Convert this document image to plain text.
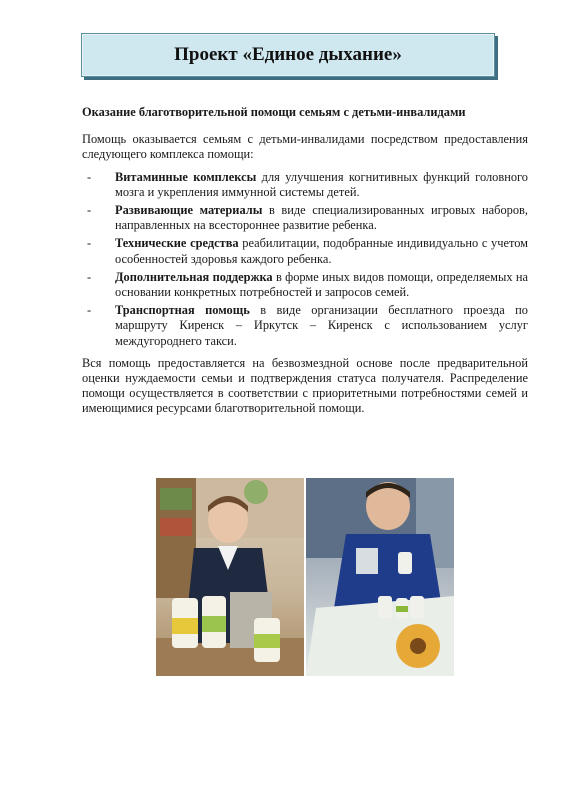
Проект «Единое дыхание»

Оказание благотворительной помощи семьям с детьми-инвалидами

Помощь оказывается семьям с детьми-инвалидами посредством предоставления следующего комплекса помощи:

- Витаминные комплексы для улучшения когнитивных функций головного мозга и укрепления иммунной системы детей.
- Развивающие материалы в виде специализированных игровых наборов, направленных на всестороннее развитие ребенка.
- Технические средства реабилитации, подобранные индивидуально с учетом особенностей здоровья каждого ребенка.
- Дополнительная поддержка в форме иных видов помощи, определяемых на основании конкретных потребностей и запросов семей.
- Транспортная помощь в виде организации бесплатного проезда по маршруту Киренск – Иркутск – Киренск с использованием услуг междугороднего такси.

Вся помощь предоставляется на безвозмездной основе после предварительной оценки нуждаемости семьи и подтверждения статуса получателя. Распределение помощи осуществляется в соответствии с приоритетными потребностями семей и имеющимися ресурсами благотворительной помощи.
